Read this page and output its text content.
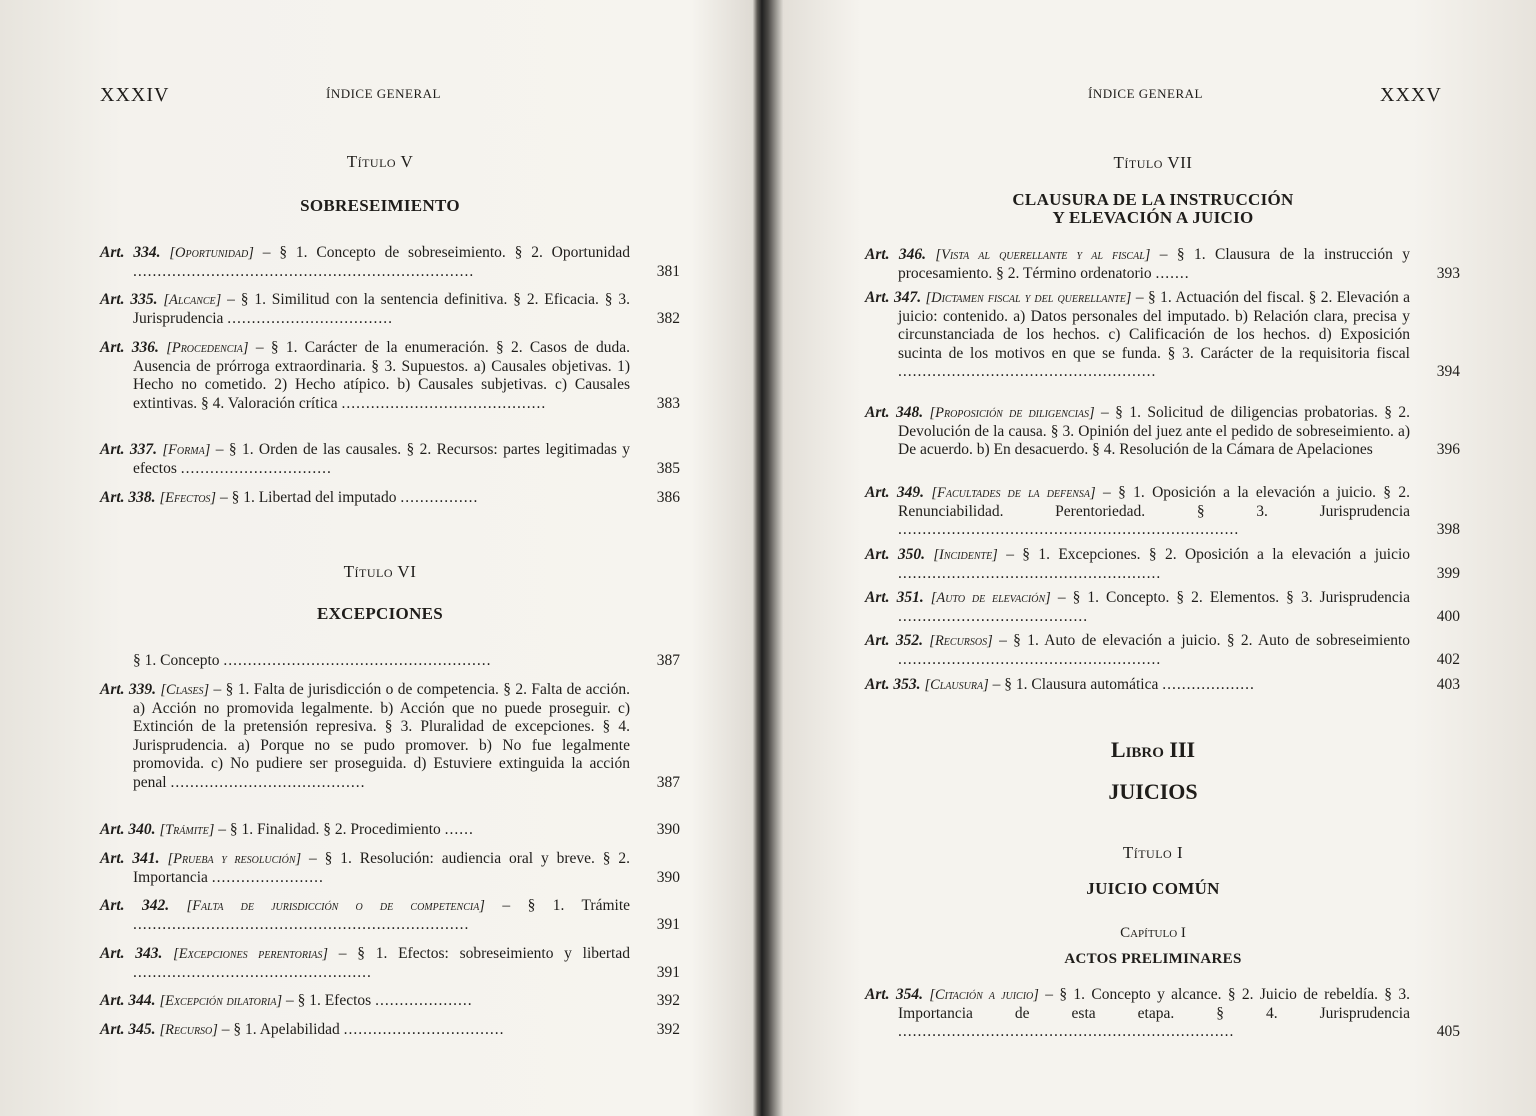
XXXIV	ÍNDICE GENERAL
Título V
SOBRESEIMIENTO
Art. 334. [Oportunidad] – § 1. Concepto de sobreseimiento. § 2. Oportunidad ......................................................................	381
Art. 335. [Alcance] – § 1. Similitud con la sentencia definitiva. § 2. Eficacia. § 3. Jurisprudencia ..................................	382
Art. 336. [Procedencia] – § 1. Carácter de la enumeración. § 2. Casos de duda. Ausencia de prórroga extraordinaria. § 3. Supuestos. a) Causales objetivas. 1) Hecho no cometido. 2) Hecho atípico. b) Causales subjetivas. c) Causales extintivas. § 4. Valoración crítica ..........................................	383
Art. 337. [Forma] – § 1. Orden de las causales. § 2. Recursos: partes legitimadas y efectos ...............................	385
Art. 338. [Efectos] – § 1. Libertad del imputado ................	386
Título VI
EXCEPCIONES
§ 1. Concepto .......................................................	387
Art. 339. [Clases] – § 1. Falta de jurisdicción o de competencia. § 2. Falta de acción. a) Acción no promovida legalmente. b) Acción que no puede proseguir. c) Extinción de la pretensión represiva. § 3. Pluralidad de excepciones. § 4. Jurisprudencia. a) Porque no se pudo promover. b) No fue legalmente promovida. c) No pudiere ser proseguida. d) Estuviere extinguida la acción penal ........................................	387
Art. 340. [Trámite] – § 1. Finalidad. § 2. Procedimiento ......	390
Art. 341. [Prueba y resolución] – § 1. Resolución: audiencia oral y breve. § 2. Importancia .......................	390
Art. 342. [Falta de jurisdicción o de competencia] – § 1. Trámite .....................................................................	391
Art. 343. [Excepciones perentorias] – § 1. Efectos: sobreseimiento y libertad .................................................	391
Art. 344. [Excepción dilatoria] – § 1. Efectos ....................	392
Art. 345. [Recurso] – § 1. Apelabilidad .................................	392
ÍNDICE GENERAL	XXXV
Título VII
CLAUSURA DE LA INSTRUCCIÓN
Y ELEVACIÓN A JUICIO
Art. 346. [Vista al querellante y al fiscal] – § 1. Clausura de la instrucción y procesamiento. § 2. Término ordenatorio .......	393
Art. 347. [Dictamen fiscal y del querellante] – § 1. Actuación del fiscal. § 2. Elevación a juicio: contenido. a) Datos personales del imputado. b) Relación clara, precisa y circunstanciada de los hechos. c) Calificación de los hechos. d) Exposición sucinta de los motivos en que se funda. § 3. Carácter de la requisitoria fiscal .....................................................	394
Art. 348. [Proposición de diligencias] – § 1. Solicitud de diligencias probatorias. § 2. Devolución de la causa. § 3. Opinión del juez ante el pedido de sobreseimiento. a) De acuerdo. b) En desacuerdo. § 4. Resolución de la Cámara de Apelaciones	396
Art. 349. [Facultades de la defensa] – § 1. Oposición a la elevación a juicio. § 2. Renunciabilidad. Perentoriedad. § 3. Jurisprudencia ......................................................................	398
Art. 350. [Incidente] – § 1. Excepciones. § 2. Oposición a la elevación a juicio ......................................................	399
Art. 351. [Auto de elevación] – § 1. Concepto. § 2. Elementos. § 3. Jurisprudencia .......................................	400
Art. 352. [Recursos] – § 1. Auto de elevación a juicio. § 2. Auto de sobreseimiento ......................................................	402
Art. 353. [Clausura] – § 1. Clausura automática ...................	403
Libro III
JUICIOS
Título I
JUICIO COMÚN
Capítulo I
ACTOS PRELIMINARES
Art. 354. [Citación a juicio] – § 1. Concepto y alcance. § 2. Juicio de rebeldía. § 3. Importancia de esta etapa. § 4. Jurisprudencia .....................................................................	405
